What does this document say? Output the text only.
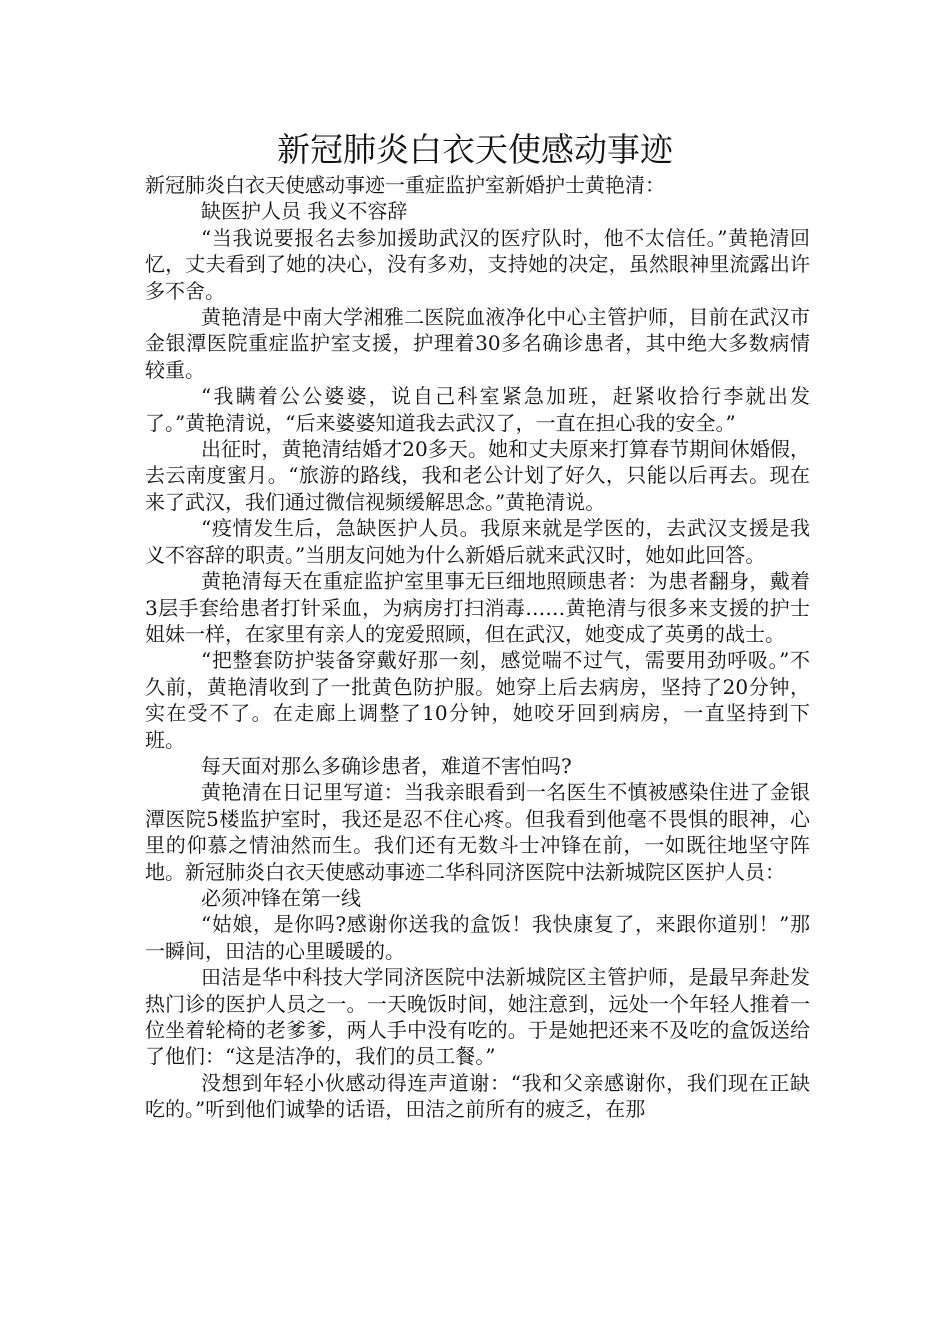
新冠肺炎白衣天使感动事迹

新冠肺炎白衣天使感动事迹一重症监护室新婚护士黄艳清：

缺医护人员 我义不容辞

“当我说要报名去参加援助武汉的医疗队时，他不太信任。”黄艳清回忆，丈夫看到了她的决心，没有多劝，支持她的决定，虽然眼神里流露出许多不舍。

黄艳清是中南大学湘雅二医院血液净化中心主管护师，目前在武汉市金银潭医院重症监护室支援，护理着30多名确诊患者，其中绝大多数病情较重。

“我瞒着公公婆婆，说自己科室紧急加班，赶紧收拾行李就出发了。”黄艳清说，“后来婆婆知道我去武汉了，一直在担心我的安全。”

出征时，黄艳清结婚才20多天。她和丈夫原来打算春节期间休婚假，去云南度蜜月。“旅游的路线，我和老公计划了好久，只能以后再去。现在来了武汉，我们通过微信视频缓解思念。”黄艳清说。

“疫情发生后，急缺医护人员。我原来就是学医的，去武汉支援是我义不容辞的职责。”当朋友问她为什么新婚后就来武汉时，她如此回答。

黄艳清每天在重症监护室里事无巨细地照顾患者：为患者翻身，戴着3层手套给患者打针采血，为病房打扫消毒……黄艳清与很多来支援的护士姐妹一样，在家里有亲人的宠爱照顾，但在武汉，她变成了英勇的战士。

“把整套防护装备穿戴好那一刻，感觉喘不过气，需要用劲呼吸。”不久前，黄艳清收到了一批黄色防护服。她穿上后去病房，坚持了20分钟，实在受不了。在走廊上调整了10分钟，她咬牙回到病房，一直坚持到下班。

每天面对那么多确诊患者，难道不害怕吗?

黄艳清在日记里写道：当我亲眼看到一名医生不慎被感染住进了金银潭医院5楼监护室时，我还是忍不住心疼。但我看到他毫不畏惧的眼神，心里的仰慕之情油然而生。我们还有无数斗士冲锋在前，一如既往地坚守阵地。新冠肺炎白衣天使感动事迹二华科同济医院中法新城院区医护人员：

必须冲锋在第一线

“姑娘，是你吗?感谢你送我的盒饭！我快康复了，来跟你道别！”那一瞬间，田洁的心里暖暖的。

田洁是华中科技大学同济医院中法新城院区主管护师，是最早奔赴发热门诊的医护人员之一。一天晚饭时间，她注意到，远处一个年轻人推着一位坐着轮椅的老爹爹，两人手中没有吃的。于是她把还来不及吃的盒饭送给了他们：“这是洁净的，我们的员工餐。”

没想到年轻小伙感动得连声道谢：“我和父亲感谢你，我们现在正缺吃的。”听到他们诚挚的话语，田洁之前所有的疲乏，在那
